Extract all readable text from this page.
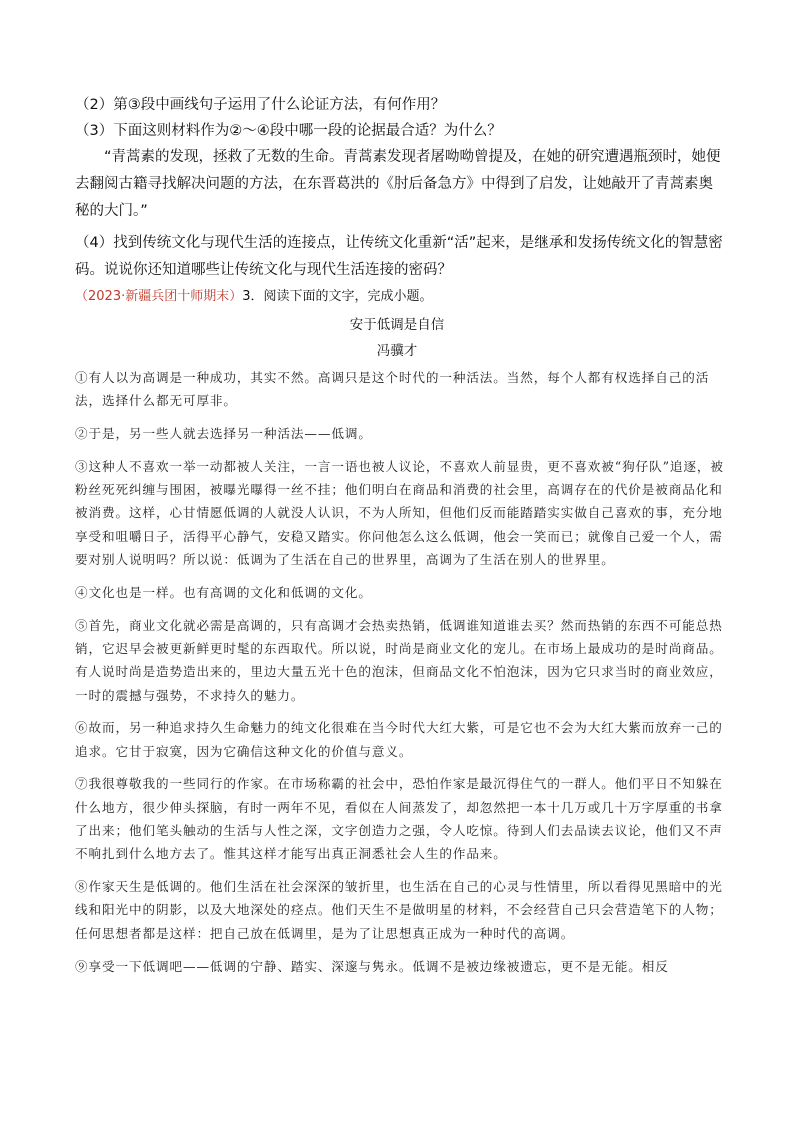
（2）第③段中画线句子运用了什么论证方法，有何作用？
（3）下面这则材料作为②～④段中哪一段的论据最合适？为什么？
“青蒿素的发现，拯救了无数的生命。青蒿素发现者屠呦呦曾提及，在她的研究遭遇瓶颈时，她便去翻阅古籍寻找解决问题的方法，在东晋葛洪的《肘后备急方》中得到了启发，让她敲开了青蒿素奥秘的大门。”
（4）找到传统文化与现代生活的连接点，让传统文化重新“活”起来，是继承和发扬传统文化的智慧密码。说说你还知道哪些让传统文化与现代生活连接的密码？
（2023·新疆兵团十师期末）3．阅读下面的文字，完成小题。
安于低调是自信
冯骥才

①有人以为高调是一种成功，其实不然。高调只是这个时代的一种活法。当然，每个人都有权选择自己的活法，选择什么都无可厚非。

②于是，另一些人就去选择另一种活法——低调。

③这种人不喜欢一举一动都被人关注，一言一语也被人议论，不喜欢人前显贵，更不喜欢被“狗仔队”追逐，被粉丝死死纠缠与围困，被曝光曝得一丝不挂；他们明白在商品和消费的社会里，高调存在的代价是被商品化和被消费。这样，心甘情愿低调的人就没人认识，不为人所知，但他们反而能踏踏实实做自己喜欢的事，充分地享受和咀嚼日子，活得平心静气，安稳又踏实。你问他怎么这么低调，他会一笑而已；就像自己爱一个人，需要对别人说明吗？所以说：低调为了生活在自己的世界里，高调为了生活在别人的世界里。

④文化也是一样。也有高调的文化和低调的文化。

⑤首先，商业文化就必需是高调的，只有高调才会热卖热销，低调谁知道谁去买？然而热销的东西不可能总热销，它迟早会被更新鲜更时髦的东西取代。所以说，时尚是商业文化的宠儿。在市场上最成功的是时尚商品。有人说时尚是造势造出来的，里边大量五光十色的泡沫，但商品文化不怕泡沫，因为它只求当时的商业效应，一时的震撼与强势，不求持久的魅力。

⑥故而，另一种追求持久生命魅力的纯文化很难在当今时代大红大紫，可是它也不会为大红大紫而放弃一己的追求。它甘于寂寞，因为它确信这种文化的价值与意义。

⑦我很尊敬我的一些同行的作家。在市场称霸的社会中，恐怕作家是最沉得住气的一群人。他们平日不知躲在什么地方，很少伸头探脑，有时一两年不见，看似在人间蒸发了，却忽然把一本十几万或几十万字厚重的书拿了出来；他们笔头触动的生活与人性之深，文字创造力之强，令人吃惊。待到人们去品读去议论，他们又不声不响扎到什么地方去了。惟其这样才能写出真正洞悉社会人生的作品来。

⑧作家天生是低调的。他们生活在社会深深的皱折里，也生活在自己的心灵与性情里，所以看得见黑暗中的光线和阳光中的阴影，以及大地深处的痉点。他们天生不是做明星的材料，不会经营自己只会营造笔下的人物；任何思想者都是这样：把自己放在低调里，是为了让思想真正成为一种时代的高调。

⑨享受一下低调吧——低调的宁静、踏实、深邃与隽永。低调不是被边缘被遗忘，更不是无能。相反
